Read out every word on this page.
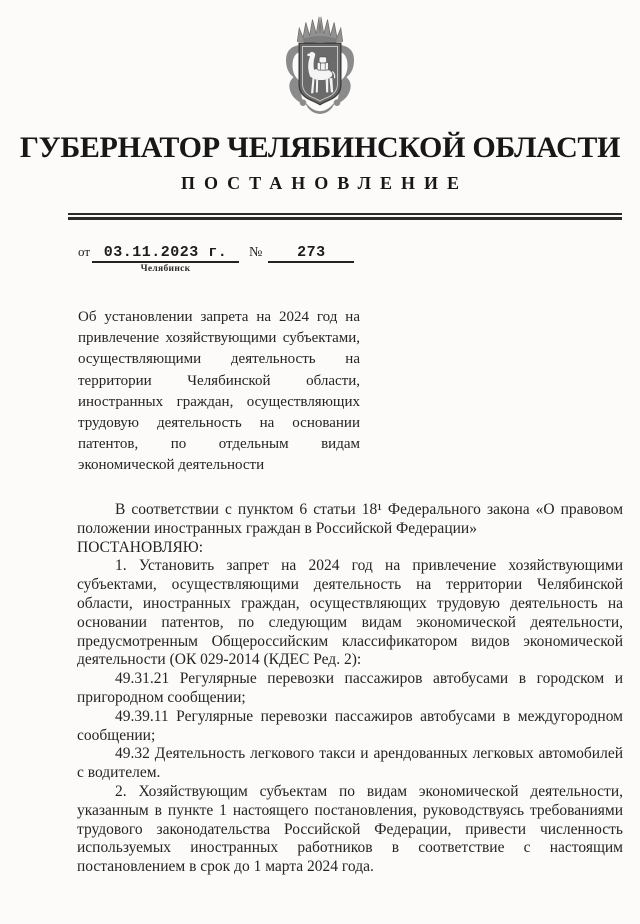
ГУБЕРНАТОР ЧЕЛЯБИНСКОЙ ОБЛАСТИ
ПОСТАНОВЛЕНИЕ
от 03.11.2023 г.
Челябинск
№ 273
Об установлении запрета на 2024 год на привлечение хозяйствующими субъектами, осуществляющими деятельность на территории Челябинской области, иностранных граждан, осуществляющих трудовую деятельность на основании патентов, по отдельным видам экономической деятельности

В соответствии с пунктом 6 статьи 18¹ Федерального закона «О правовом положении иностранных граждан в Российской Федерации»

ПОСТАНОВЛЯЮ:

1. Установить запрет на 2024 год на привлечение хозяйствующими субъектами, осуществляющими деятельность на территории Челябинской области, иностранных граждан, осуществляющих трудовую деятельность на основании патентов, по следующим видам экономической деятельности, предусмотренным Общероссийским классификатором видов экономической деятельности (ОК 029-2014 (КДЕС Ред. 2):

49.31.21 Регулярные перевозки пассажиров автобусами в городском и пригородном сообщении;

49.39.11 Регулярные перевозки пассажиров автобусами в междугородном сообщении;

49.32 Деятельность легкового такси и арендованных легковых автомобилей с водителем.

2. Хозяйствующим субъектам по видам экономической деятельности, указанным в пункте 1 настоящего постановления, руководствуясь требованиями трудового законодательства Российской Федерации, привести численность используемых иностранных работников в соответствие с настоящим постановлением в срок до 1 марта 2024 года.
